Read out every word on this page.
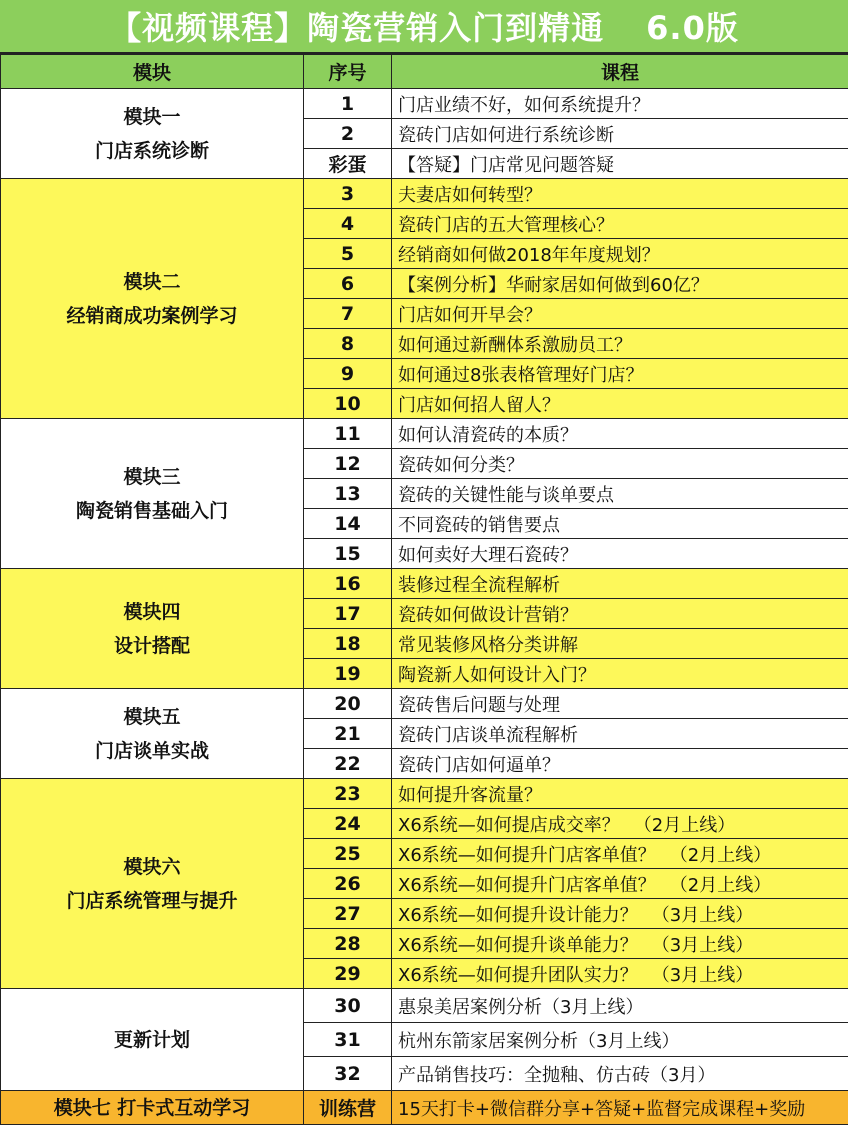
【视频课程】陶瓷营销入门到精通 6.0版
模块	序号	课程

模块一
门店系统诊断	1	门店业绩不好，如何系统提升？
	2	瓷砖门店如何进行系统诊断
	彩蛋	【答疑】门店常见问题答疑

模块二
经销商成功案例学习	3	夫妻店如何转型？
	4	瓷砖门店的五大管理核心？
	5	经销商如何做2018年年度规划？
	6	【案例分析】华耐家居如何做到60亿？
	7	门店如何开早会？
	8	如何通过新酬体系激励员工？
	9	如何通过8张表格管理好门店？
	10	门店如何招人留人？

模块三
陶瓷销售基础入门	11	如何认清瓷砖的本质？
	12	瓷砖如何分类？
	13	瓷砖的关键性能与谈单要点
	14	不同瓷砖的销售要点
	15	如何卖好大理石瓷砖？

模块四
设计搭配	16	装修过程全流程解析
	17	瓷砖如何做设计营销？
	18	常见装修风格分类讲解
	19	陶瓷新人如何设计入门？

模块五
门店谈单实战	20	瓷砖售后问题与处理
	21	瓷砖门店谈单流程解析
	22	瓷砖门店如何逼单？

模块六
门店系统管理与提升	23	如何提升客流量？
	24	X6系统—如何提店成交率？ （2月上线）
	25	X6系统—如何提升门店客单值？ （2月上线）
	26	X6系统—如何提升门店客单值？ （2月上线）
	27	X6系统—如何提升设计能力？ （3月上线）
	28	X6系统—如何提升谈单能力？ （3月上线）
	29	X6系统—如何提升团队实力？ （3月上线）

更新计划	30	惠泉美居案例分析（3月上线）
	31	杭州东箭家居案例分析（3月上线）
	32	产品销售技巧：全抛釉、仿古砖（3月）
模块七 打卡式互动学习	训练营	15天打卡+微信群分享+答疑+监督完成课程+奖励
